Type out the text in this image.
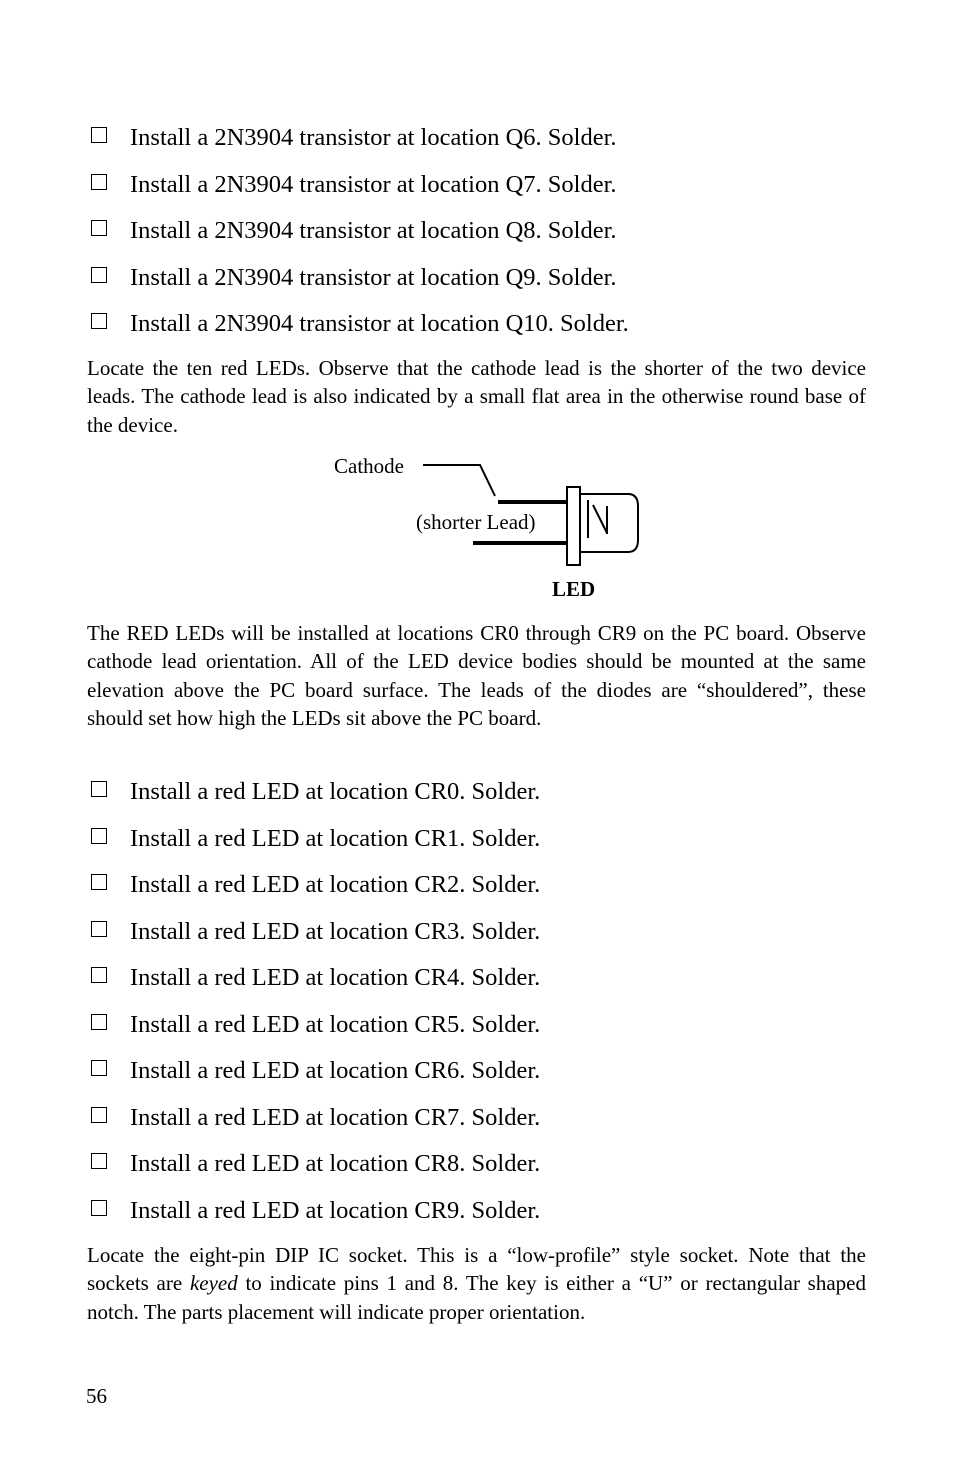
Install a 2N3904 transistor at location Q6. Solder.
Install a 2N3904 transistor at location Q7. Solder.
Install a 2N3904 transistor at location Q8. Solder.
Install a 2N3904 transistor at location Q9. Solder.
Install a 2N3904 transistor at location Q10. Solder.

Locate the ten red LEDs. Observe that the cathode lead is the shorter of the two device leads. The cathode lead is also indicated by a small flat area in the otherwise round base of the device.

Cathode
(shorter Lead)
LED

The RED LEDs will be installed at locations CR0 through CR9 on the PC board. Observe cathode lead orientation. All of the LED device bodies should be mounted at the same elevation above the PC board surface. The leads of the diodes are “shouldered”, these should set how high the LEDs sit above the PC board.

Install a red LED at location CR0. Solder.
Install a red LED at location CR1. Solder.
Install a red LED at location CR2. Solder.
Install a red LED at location CR3. Solder.
Install a red LED at location CR4. Solder.
Install a red LED at location CR5. Solder.
Install a red LED at location CR6. Solder.
Install a red LED at location CR7. Solder.
Install a red LED at location CR8. Solder.
Install a red LED at location CR9. Solder.

Locate the eight-pin DIP IC socket. This is a “low-profile” style socket. Note that the sockets are keyed to indicate pins 1 and 8. The key is either a “U” or rectangular shaped notch. The parts placement will indicate proper orientation.

56
